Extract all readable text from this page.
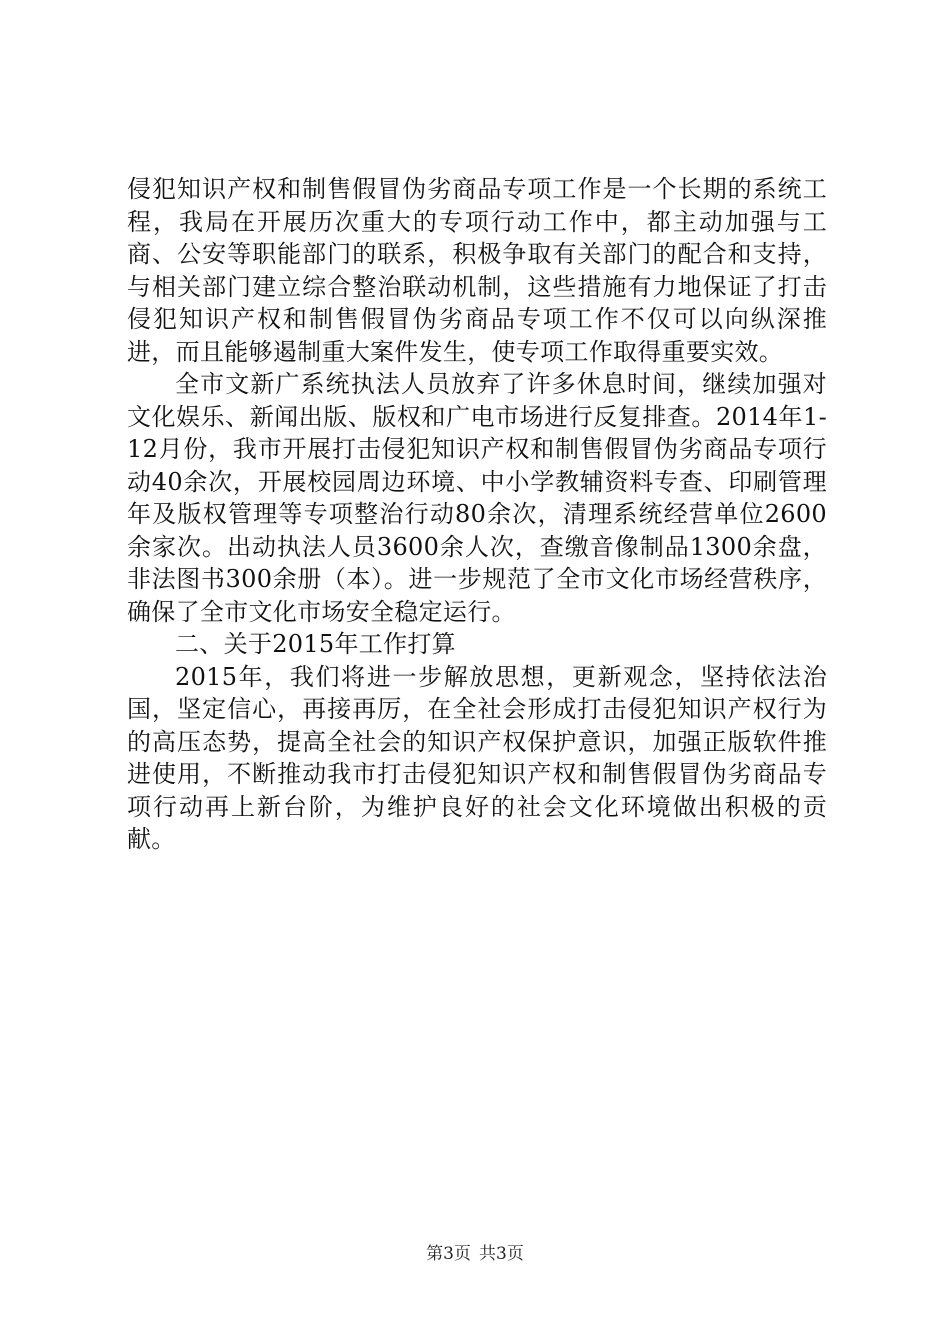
侵犯知识产权和制售假冒伪劣商品专项工作是一个长期的系统工程，我局在开展历次重大的专项行动工作中，都主动加强与工商、公安等职能部门的联系，积极争取有关部门的配合和支持，与相关部门建立综合整治联动机制，这些措施有力地保证了打击侵犯知识产权和制售假冒伪劣商品专项工作不仅可以向纵深推进，而且能够遏制重大案件发生，使专项工作取得重要实效。

全市文新广系统执法人员放弃了许多休息时间，继续加强对文化娱乐、新闻出版、版权和广电市场进行反复排查。2014年1-12月份，我市开展打击侵犯知识产权和制售假冒伪劣商品专项行动40余次，开展校园周边环境、中小学教辅资料专查、印刷管理年及版权管理等专项整治行动80余次，清理系统经营单位2600余家次。出动执法人员3600余人次，查缴音像制品1300余盘，非法图书300余册（本）。进一步规范了全市文化市场经营秩序，确保了全市文化市场安全稳定运行。

二、关于2015年工作打算

2015年，我们将进一步解放思想，更新观念，坚持依法治国，坚定信心，再接再厉，在全社会形成打击侵犯知识产权行为的高压态势，提高全社会的知识产权保护意识，加强正版软件推进使用，不断推动我市打击侵犯知识产权和制售假冒伪劣商品专项行动再上新台阶，为维护良好的社会文化环境做出积极的贡献。

第3页 共3页
